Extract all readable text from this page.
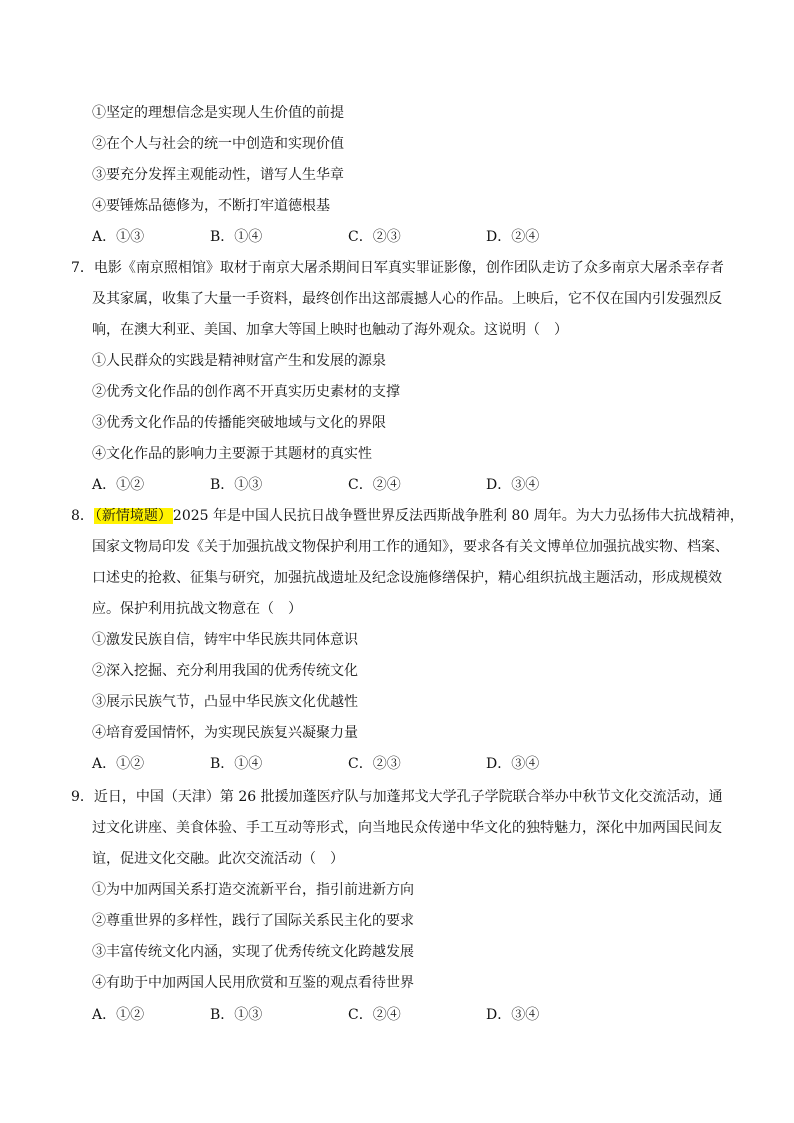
①坚定的理想信念是实现人生价值的前提
②在个人与社会的统一中创造和实现价值
③要充分发挥主观能动性，谱写人生华章
④要锤炼品德修为，不断打牢道德根基
A．①③	B．①④	C．②③	D．②④
7．电影《南京照相馆》取材于南京大屠杀期间日军真实罪证影像，创作团队走访了众多南京大屠杀幸存者
及其家属，收集了大量一手资料，最终创作出这部震撼人心的作品。上映后，它不仅在国内引发强烈反
响，在澳大利亚、美国、加拿大等国上映时也触动了海外观众。这说明（　）
①人民群众的实践是精神财富产生和发展的源泉
②优秀文化作品的创作离不开真实历史素材的支撑
③优秀文化作品的传播能突破地域与文化的界限
④文化作品的影响力主要源于其题材的真实性
A．①②	B．①③	C．②④	D．③④
8．（新情境题）2025 年是中国人民抗日战争暨世界反法西斯战争胜利 80 周年。为大力弘扬伟大抗战精神，
国家文物局印发《关于加强抗战文物保护利用工作的通知》，要求各有关文博单位加强抗战实物、档案、
口述史的抢救、征集与研究，加强抗战遗址及纪念设施修缮保护，精心组织抗战主题活动，形成规模效
应。保护利用抗战文物意在（　）
①激发民族自信，铸牢中华民族共同体意识
②深入挖掘、充分利用我国的优秀传统文化
③展示民族气节，凸显中华民族文化优越性
④培育爱国情怀，为实现民族复兴凝聚力量
A．①②	B．①④	C．②③	D．③④
9．近日，中国（天津）第 26 批援加蓬医疗队与加蓬邦戈大学孔子学院联合举办中秋节文化交流活动，通
过文化讲座、美食体验、手工互动等形式，向当地民众传递中华文化的独特魅力，深化中加两国民间友
谊，促进文化交融。此次交流活动（　）
①为中加两国关系打造交流新平台，指引前进新方向
②尊重世界的多样性，践行了国际关系民主化的要求
③丰富传统文化内涵，实现了优秀传统文化跨越发展
④有助于中加两国人民用欣赏和互鉴的观点看待世界
A．①②	B．①③	C．②④	D．③④
